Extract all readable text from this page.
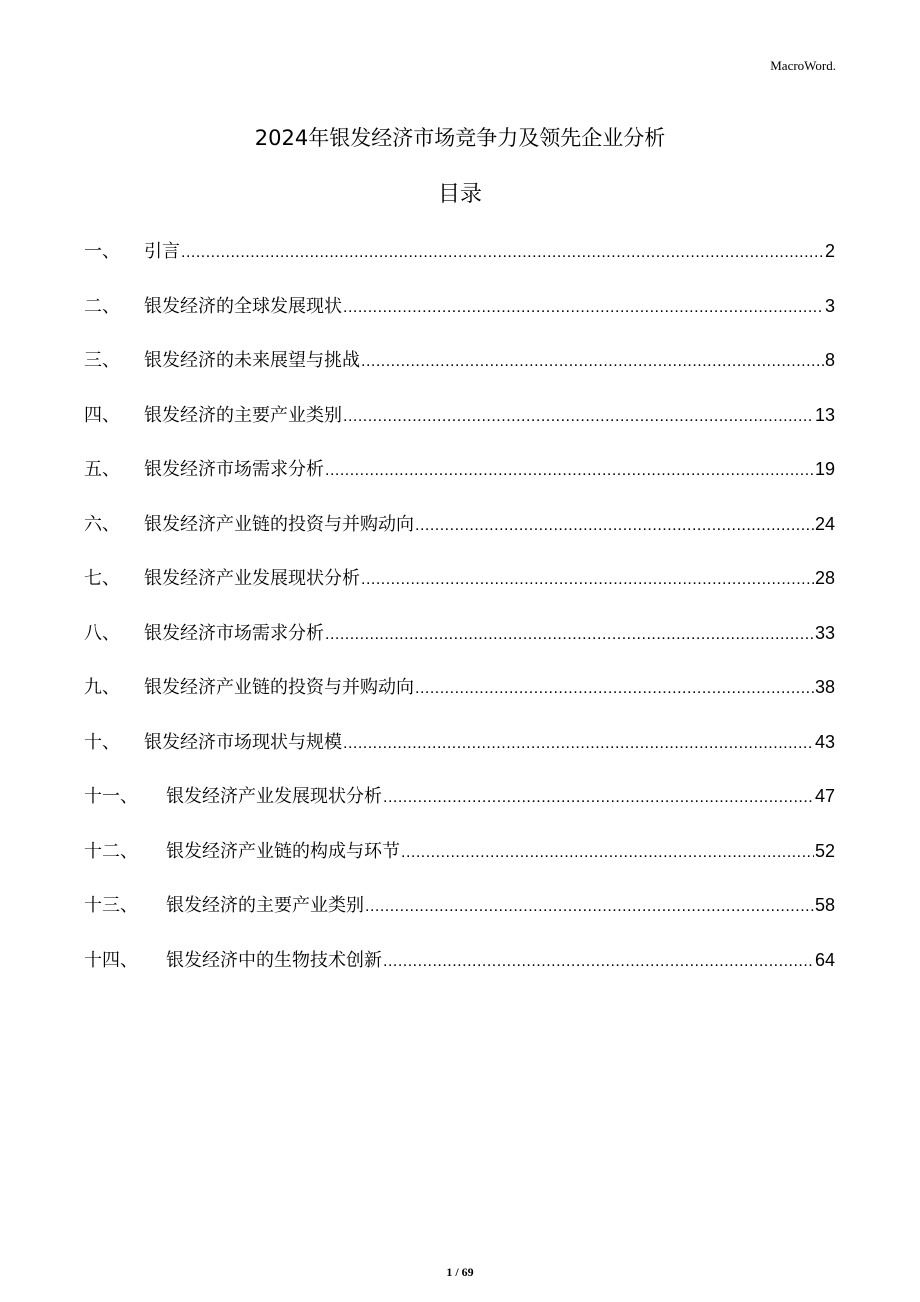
MacroWord.
2024年银发经济市场竞争力及领先企业分析
目录
一、	引言 .....	2
二、	银发经济的全球发展现状 .....	3
三、	银发经济的未来展望与挑战 .....	8
四、	银发经济的主要产业类别 .....	13
五、	银发经济市场需求分析 .....	19
六、	银发经济产业链的投资与并购动向 .....	24
七、	银发经济产业发展现状分析 .....	28
八、	银发经济市场需求分析 .....	33
九、	银发经济产业链的投资与并购动向 .....	38
十、	银发经济市场现状与规模 .....	43
十一、	银发经济产业发展现状分析 .....	47
十二、	银发经济产业链的构成与环节 .....	52
十三、	银发经济的主要产业类别 .....	58
十四、	银发经济中的生物技术创新 .....	64
1 / 69
